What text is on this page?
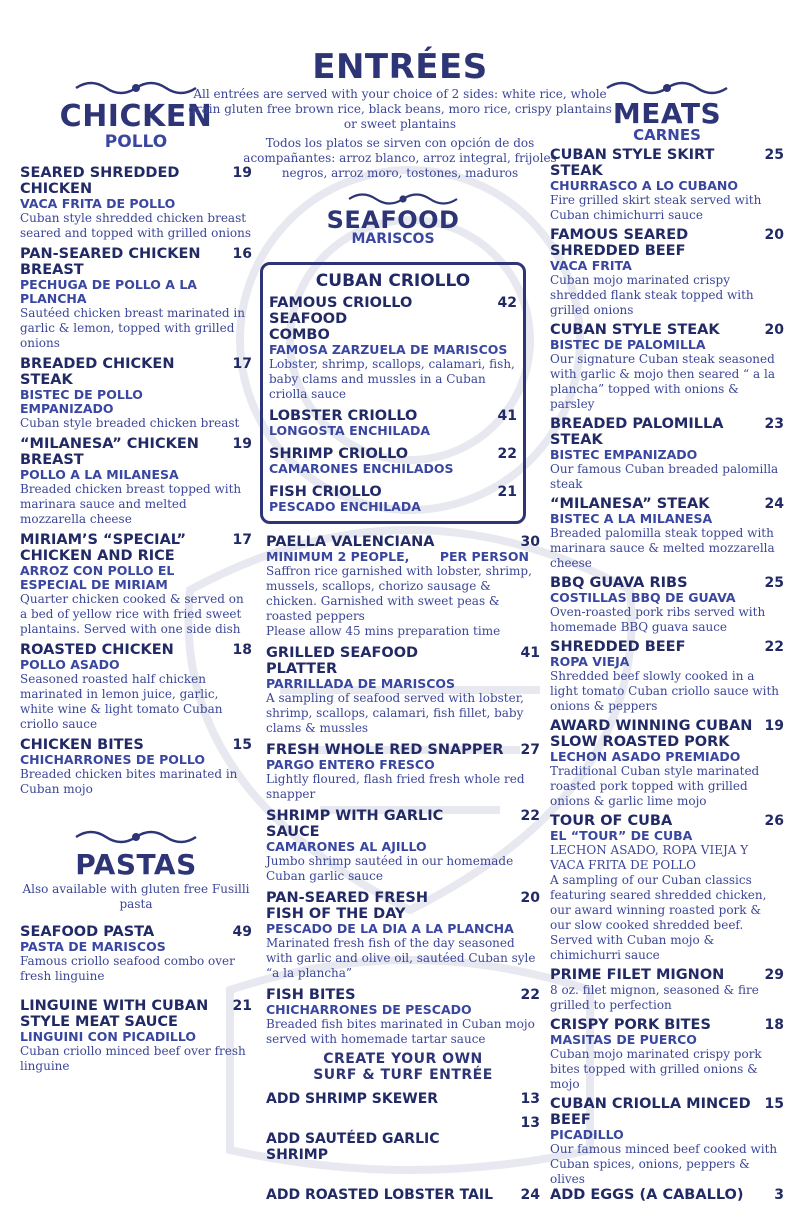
CHICKEN
POLLO
SEARED SHREDDED
CHICKEN
VACA FRITA DE POLLO
Cuban style shredded chicken breast seared and topped with grilled onions
19
PAN-SEARED CHICKEN
BREAST
PECHUGA DE POLLO A LA
PLANCHA
Sautéed chicken breast marinated in garlic & lemon, topped with grilled onions
16
BREADED CHICKEN
STEAK
BISTEC DE POLLO
EMPANIZADO
Cuban style breaded chicken breast
17
“MILANESA” CHICKEN
BREAST
POLLO A LA MILANESA
Breaded chicken breast topped with marinara sauce and melted mozzarella cheese
19
MIRIAM’S “SPECIAL”
CHICKEN AND RICE
ARROZ CON POLLO EL
ESPECIAL DE MIRIAM
Quarter chicken cooked & served on a bed of yellow rice with fried sweet plantains. Served with one side dish
17
ROASTED CHICKEN
POLLO ASADO
Seasoned roasted half chicken marinated in lemon juice, garlic, white wine & light tomato Cuban criollo sauce
18
CHICKEN BITES
CHICHARRONES DE POLLO
Breaded chicken bites marinated in Cuban mojo
15
PASTAS
Also available with gluten free Fusilli pasta
SEAFOOD PASTA
PASTA DE MARISCOS
Famous criollo seafood combo over fresh linguine
49
LINGUINE WITH CUBAN
STYLE MEAT SAUCE
LINGUINI CON PICADILLO
Cuban criollo minced beef over fresh linguine
21
ENTRÉES
All entrées are served with your choice of 2 sides: white rice, whole grain gluten free brown rice, black beans, moro rice, crispy plantains or sweet plantains
Todos los platos se sirven con opción de dos acompañantes: arroz blanco, arroz integral, frijoles negros, arroz moro, tostones, maduros
SEAFOOD
MARISCOS
CUBAN CRIOLLO
FAMOUS CRIOLLO SEAFOOD
COMBO
FAMOSA ZARZUELA DE MARISCOS
Lobster, shrimp, scallops, calamari, fish, baby clams and mussles in a Cuban criolla sauce
42
LOBSTER CRIOLLO
LONGOSTA ENCHILADA
41
SHRIMP CRIOLLO
CAMARONES ENCHILADOS
22
FISH CRIOLLO
PESCADO ENCHILADA
21
PAELLA VALENCIANA
MINIMUM 2 PEOPLE,       PER PERSON
Saffron rice garnished with lobster, shrimp, mussels, scallops, chorizo sausage & chicken. Garnished with sweet peas & roasted peppers
Please allow 45 mins preparation time
30
GRILLED SEAFOOD
PLATTER
PARRILLADA DE MARISCOS
A sampling of seafood served with lobster, shrimp, scallops, calamari, fish fillet, baby clams & mussles
41
FRESH WHOLE RED SNAPPER
PARGO ENTERO FRESCO
Lightly floured, flash fried fresh whole red snapper
27
SHRIMP WITH GARLIC
SAUCE
CAMARONES AL AJILLO
Jumbo shrimp sautéed in our homemade Cuban garlic sauce
22
PAN-SEARED FRESH
FISH OF THE DAY
PESCADO DE LA DIA A LA PLANCHA
Marinated fresh fish of the day seasoned with garlic and olive oil, sautéed Cuban syle “a la plancha”
20
FISH BITES
CHICHARRONES DE PESCADO
Breaded fish bites marinated in Cuban mojo served with homemade tartar sauce
22
CREATE YOUR OWN
SURF & TURF ENTRÉE
ADD SHRIMP SKEWER	13

ADD SAUTÉED GARLIC
SHRIMP

13

ADD ROASTED LOBSTER TAIL 24
MEATS
CARNES
CUBAN STYLE SKIRT STEAK
CHURRASCO A LO CUBANO
Fire grilled skirt steak served with Cuban chimichurri sauce
25
FAMOUS SEARED
SHREDDED BEEF
VACA FRITA
Cuban mojo marinated crispy shredded flank steak topped with grilled onions
20
CUBAN STYLE STEAK
BISTEC DE PALOMILLA
Our signature Cuban steak seasoned with garlic & mojo then seared “ a la plancha” topped with onions & parsley
20
BREADED PALOMILLA
STEAK
BISTEC EMPANIZADO
Our famous Cuban breaded palomilla steak
23
“MILANESA” STEAK
BISTEC A LA MILANESA
Breaded palomilla steak topped with marinara sauce & melted mozzarella cheese
24
BBQ GUAVA RIBS
COSTILLAS BBQ DE GUAVA
Oven-roasted pork ribs served with homemade BBQ guava sauce
25
SHREDDED BEEF
ROPA VIEJA
Shredded beef slowly cooked in a light tomato Cuban criollo sauce with onions & peppers
22
AWARD WINNING CUBAN
SLOW ROASTED PORK
LECHON ASADO PREMIADO
Traditional Cuban style marinated roasted pork topped with grilled onions & garlic lime mojo
19
TOUR OF CUBA
EL “TOUR” DE CUBA
LECHON ASADO, ROPA VIEJA Y VACA FRITA DE POLLO
A sampling of our Cuban classics featuring seared shredded chicken, our award winning roasted pork & our slow cooked shredded beef. Served with Cuban mojo & chimichurri sauce
26
PRIME FILET MIGNON
8 oz. filet mignon, seasoned & fire grilled to perfection
29
CRISPY PORK BITES
MASITAS DE PUERCO
Cuban mojo marinated crispy pork bites topped with grilled onions & mojo
18
CUBAN CRIOLLA MINCED
BEEF
PICADILLO
Our famous minced beef cooked with Cuban spices, onions, peppers & olives
15
ADD EGGS (A CABALLO)	3
